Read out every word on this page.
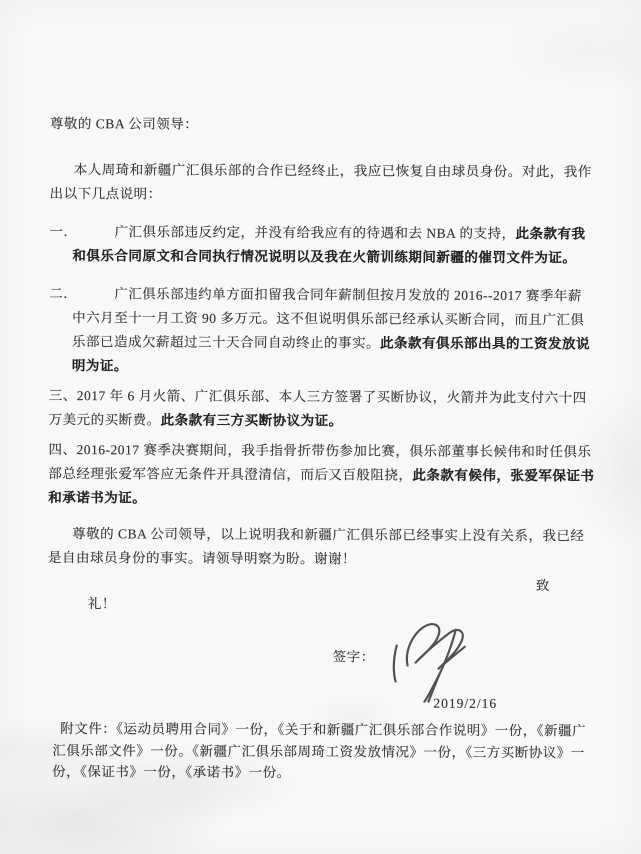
尊敬的 CBA 公司领导：

本人周琦和新疆广汇俱乐部的合作已经终止，我应已恢复自由球员身份。对此，我作出以下几点说明：

一．	广汇俱乐部违反约定，并没有给我应有的待遇和去 NBA 的支持，此条款有我和俱乐合同原文和合同执行情况说明以及我在火箭训练期间新疆的催罚文件为证。

二．	广汇俱乐部违约单方面扣留我合同年薪制但按月发放的 2016--2017 赛季年薪中六月至十一月工资 90 多万元。这不但说明俱乐部已经承认买断合同，而且广汇俱乐部已造成欠薪超过三十天合同自动终止的事实。此条款有俱乐部出具的工资发放说明为证。

三、2017 年 6 月火箭、广汇俱乐部、本人三方签署了买断协议，火箭并为此支付六十四万美元的买断费。此条款有三方买断协议为证。

四、2016-2017 赛季决赛期间，我手指骨折带伤参加比赛，俱乐部董事长候伟和时任俱乐部总经理张爱军答应无条件开具澄清信，而后又百般阻挠，此条款有候伟，张爱军保证书和承诺书为证。

尊敬的 CBA 公司领导，以上说明我和新疆广汇俱乐部已经事实上没有关系，我已经是自由球员身份的事实。请领导明察为盼。谢谢！

致

礼！

签字：
2019/2/16

附文件：《运动员聘用合同》一份，《关于和新疆广汇俱乐部合作说明》一份，《新疆广汇俱乐部文件》一份。《新疆广汇俱乐部周琦工资发放情况》一份，《三方买断协议》一份，《保证书》一份，《承诺书》一份。
